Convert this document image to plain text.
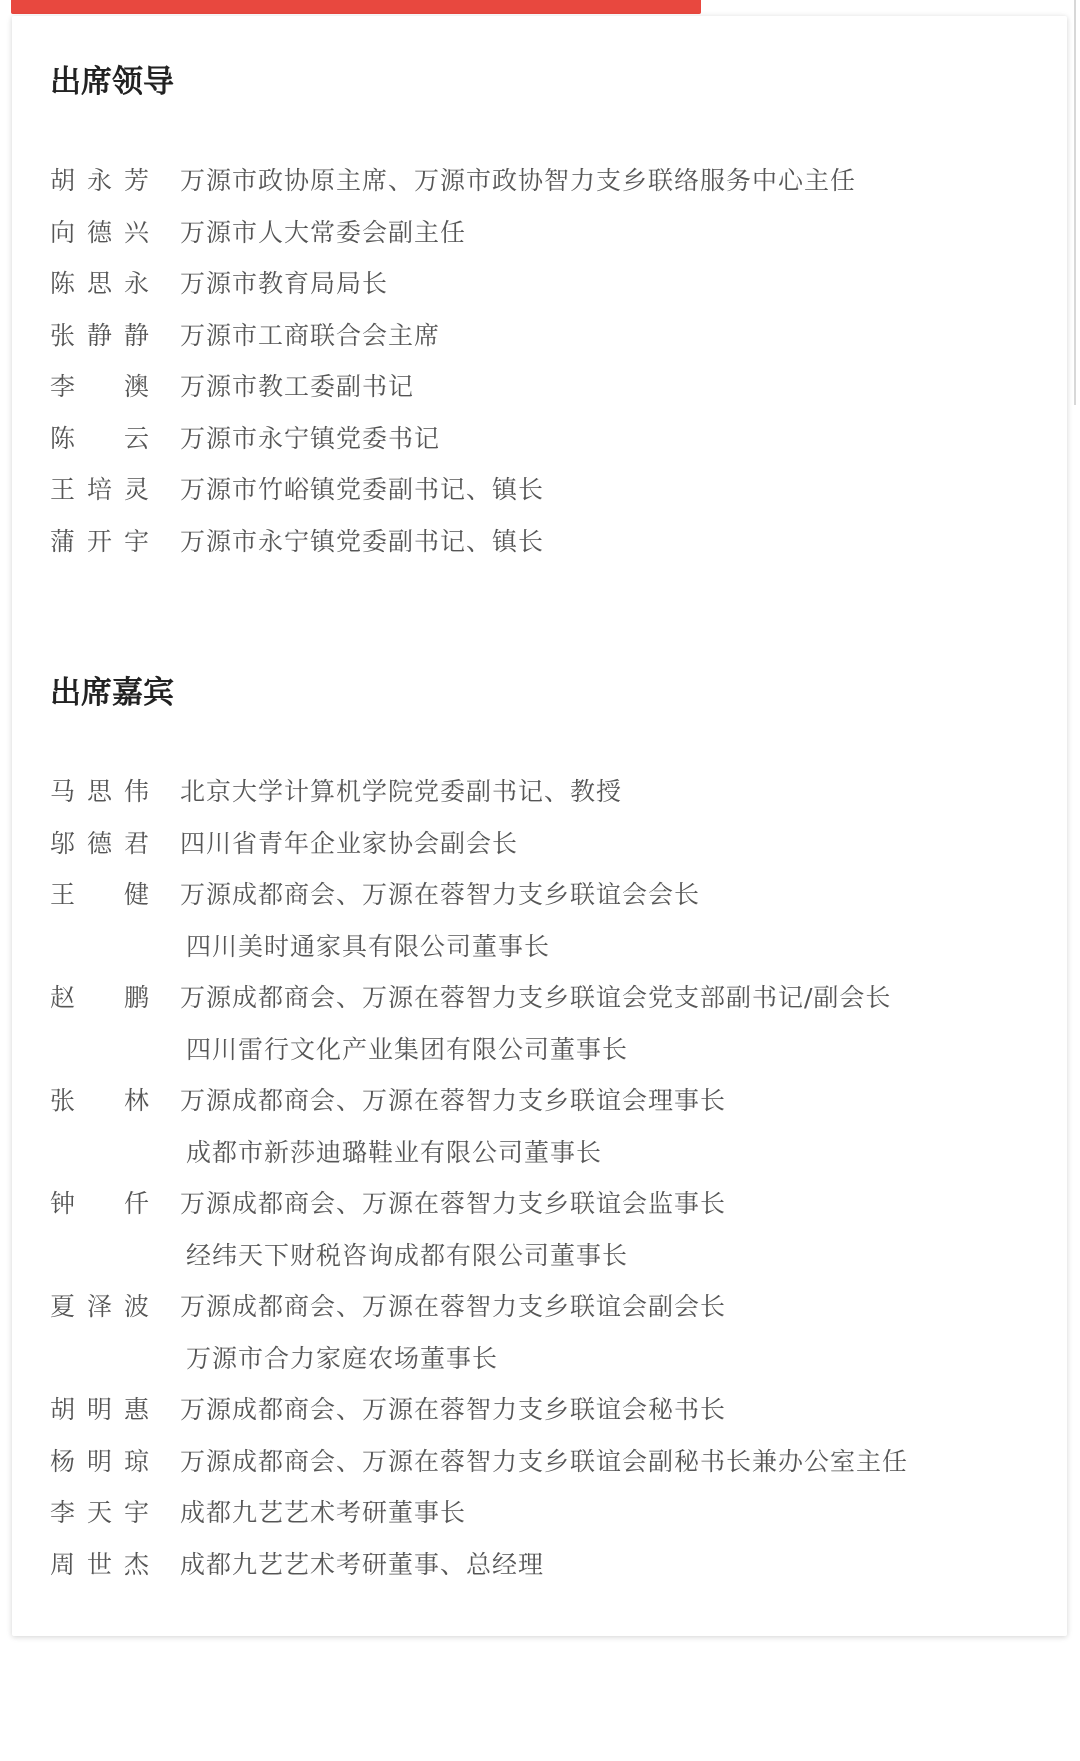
出席领导
胡永芳 万源市政协原主席、万源市政协智力支乡联络服务中心主任
向德兴 万源市人大常委会副主任
陈思永 万源市教育局局长
张静静 万源市工商联合会主席
李澳 万源市教工委副书记
陈云 万源市永宁镇党委书记
王培灵 万源市竹峪镇党委副书记、镇长
蒲开宇 万源市永宁镇党委副书记、镇长
出席嘉宾
马思伟 北京大学计算机学院党委副书记、教授
邬德君 四川省青年企业家协会副会长
王健 万源成都商会、万源在蓉智力支乡联谊会会长
四川美时通家具有限公司董事长
赵鹏 万源成都商会、万源在蓉智力支乡联谊会党支部副书记/副会长
四川雷行文化产业集团有限公司董事长
张林 万源成都商会、万源在蓉智力支乡联谊会理事长
成都市新莎迪璐鞋业有限公司董事长
钟仟 万源成都商会、万源在蓉智力支乡联谊会监事长
经纬天下财税咨询成都有限公司董事长
夏泽波 万源成都商会、万源在蓉智力支乡联谊会副会长
万源市合力家庭农场董事长
胡明惠 万源成都商会、万源在蓉智力支乡联谊会秘书长
杨明琼 万源成都商会、万源在蓉智力支乡联谊会副秘书长兼办公室主任
李天宇 成都九艺艺术考研董事长
周世杰 成都九艺艺术考研董事、总经理
